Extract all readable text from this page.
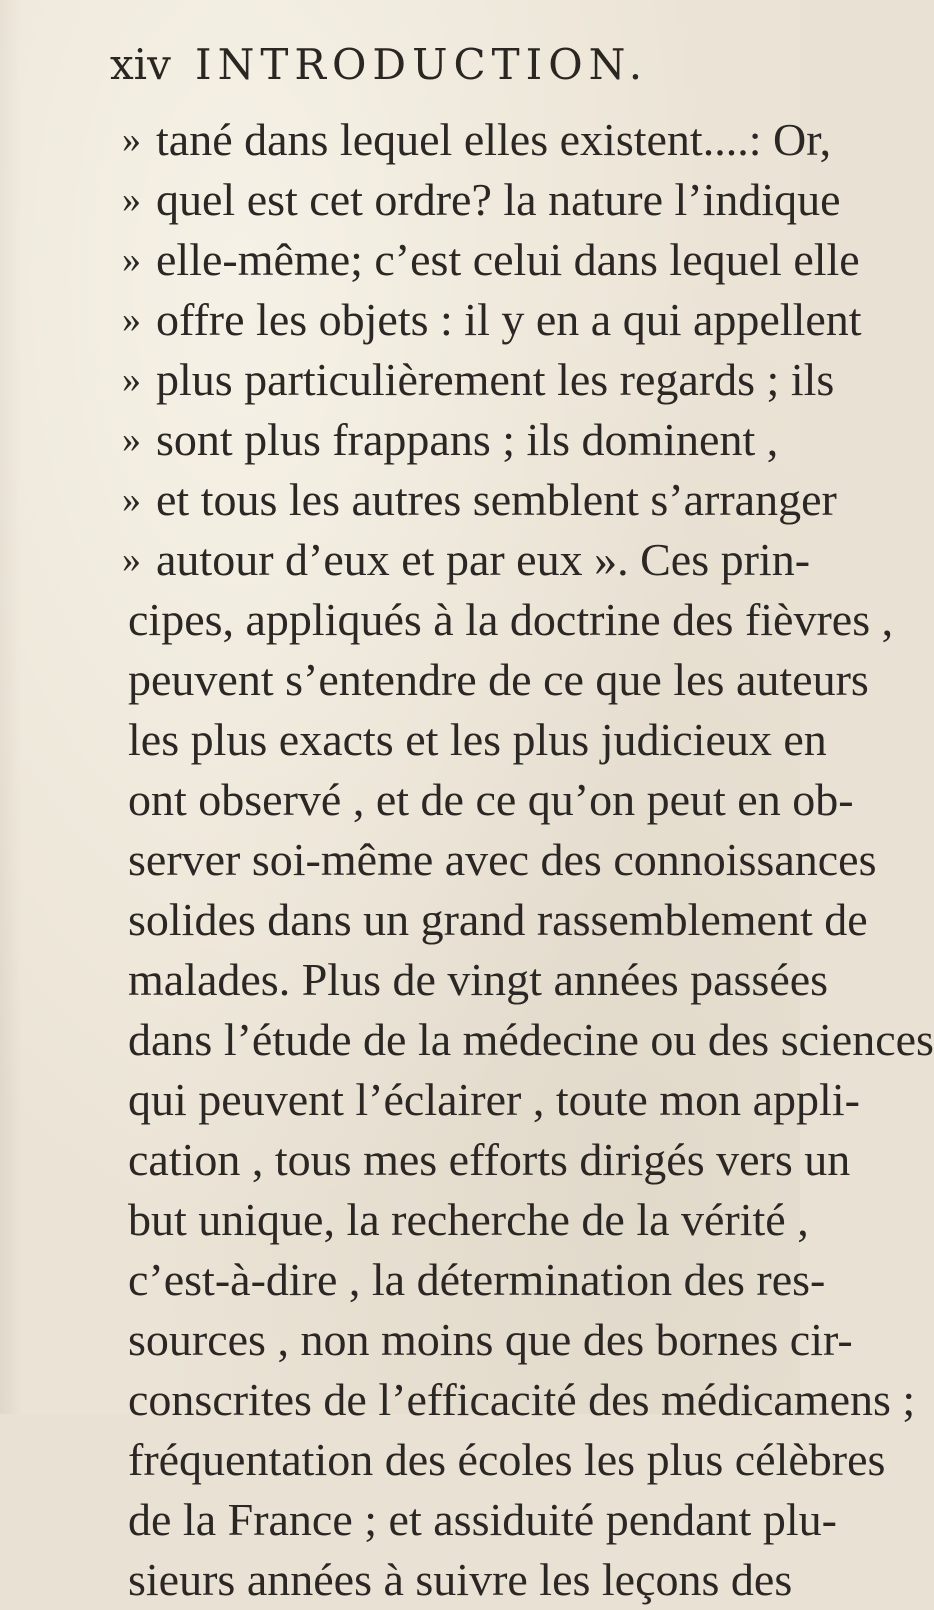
xiv INTRODUCTION.
» tané dans lequel elles existent....: Or,
» quel est cet ordre? la nature l’indique
» elle-même; c’est celui dans lequel elle
» offre les objets : il y en a qui appellent
» plus particulièrement les regards ; ils
» sont plus frappans ; ils dominent ,
» et tous les autres semblent s’arranger
» autour d’eux et par eux ». Ces prin-
cipes, appliqués à la doctrine des fièvres ,
peuvent s’entendre de ce que les auteurs
les plus exacts et les plus judicieux en
ont observé , et de ce qu’on peut en ob-
server soi-même avec des connoissances
solides dans un grand rassemblement de
malades. Plus de vingt années passées
dans l’étude de la médecine ou des sciences
qui peuvent l’éclairer , toute mon appli-
cation , tous mes efforts dirigés vers un
but unique, la recherche de la vérité ,
c’est-à-dire , la détermination des res-
sources , non moins que des bornes cir-
conscrites de l’efficacité des médicamens ;
fréquentation des écoles les plus célèbres
de la France ; et assiduité pendant plu-
sieurs années à suivre les leçons des
